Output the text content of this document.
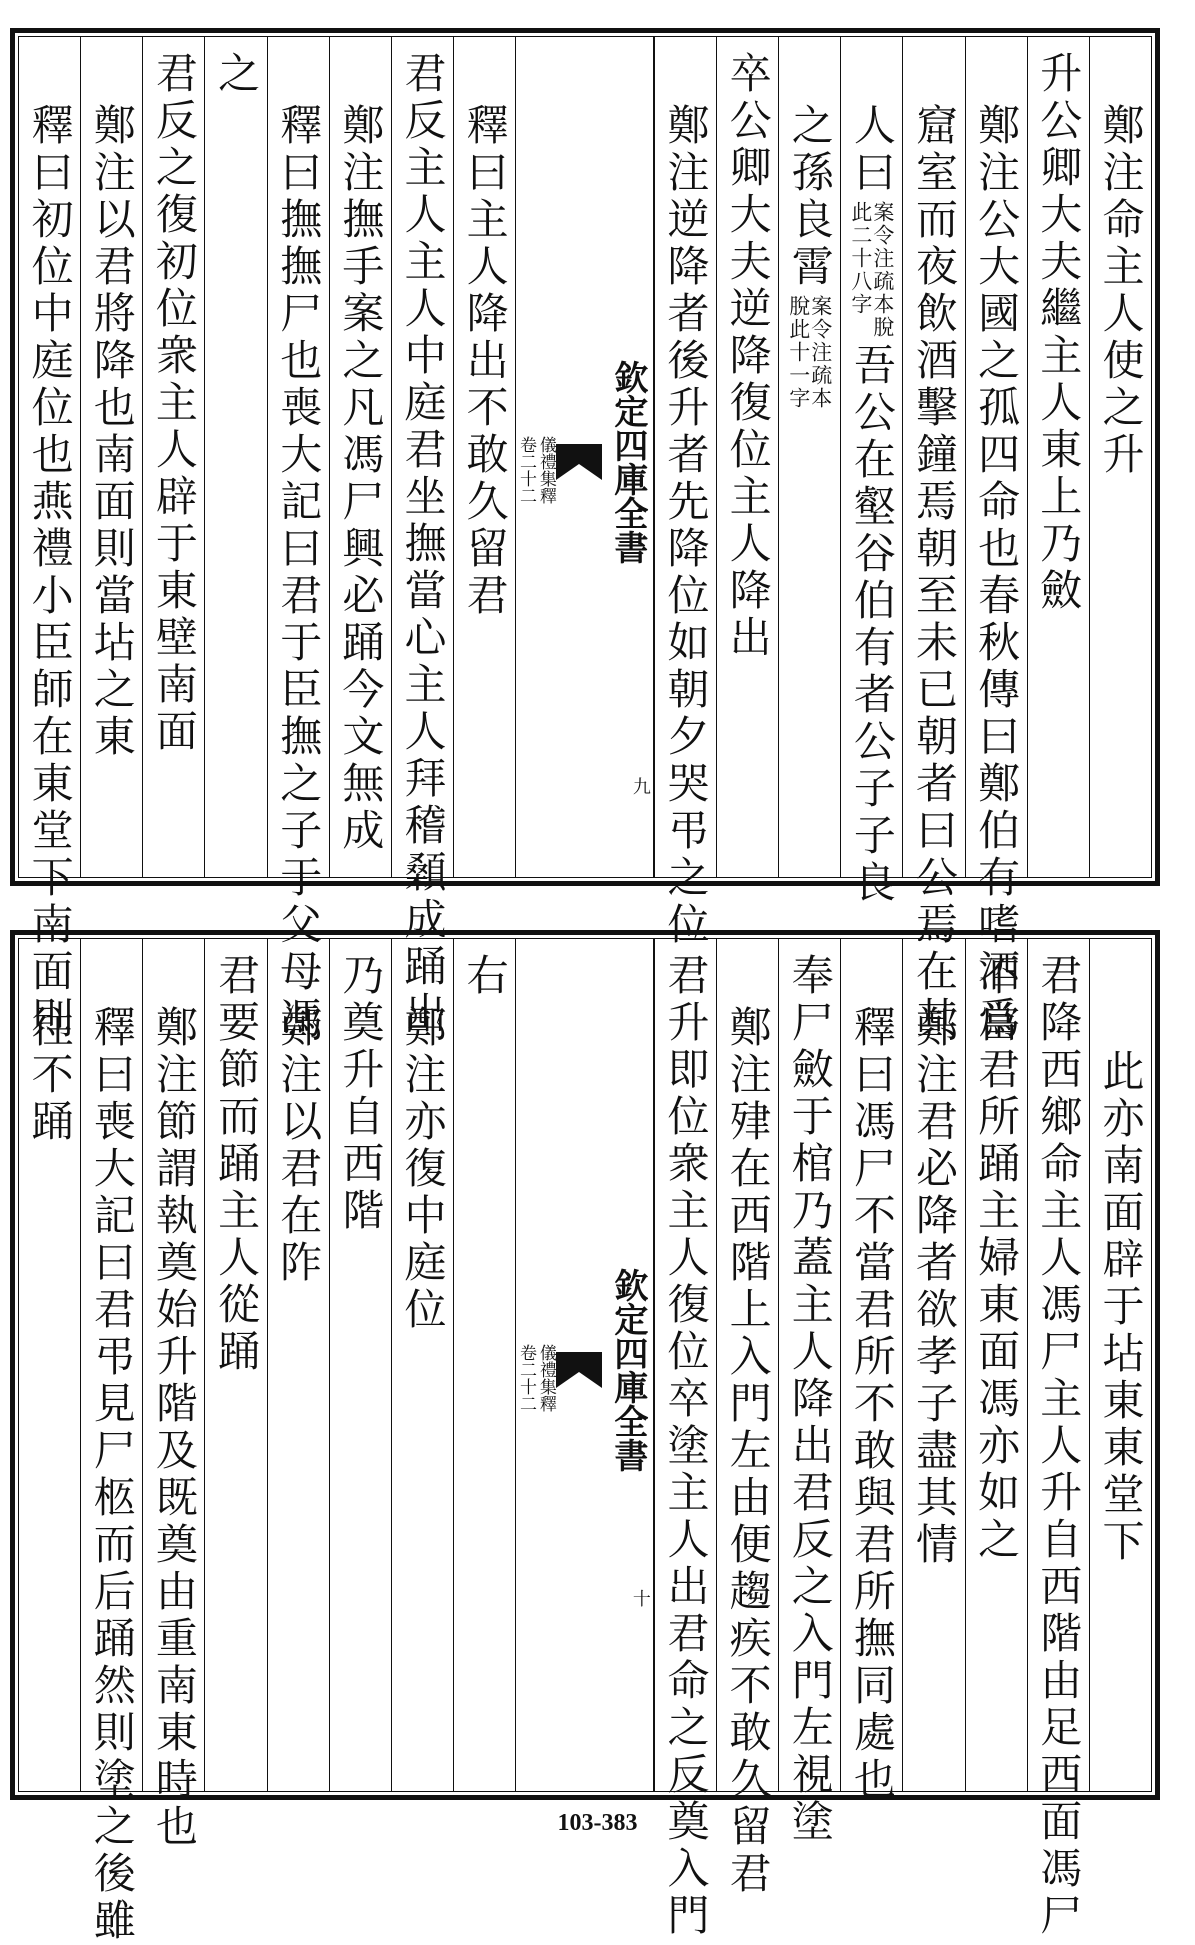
鄭注命主人使之升
升公卿大夫繼主人東上乃斂
鄭注公大國之孤四命也春秋傳曰鄭伯有嗜酒爲
窟室而夜飲酒擊鐘焉朝至未已朝者曰公焉在其
人曰
案令注疏本脫
此二十八字
吾公在壑谷伯有者公子子良
之孫良霄
案令注疏本
脫此十一字
卒公卿大夫逆降復位主人降出
鄭注逆降者後升者先降位如朝夕哭弔之位
欽定四庫全書
儀禮集釋
卷二十二
九
釋曰主人降出不敢久留君
君反主人主人中庭君坐撫當心主人拜稽顙成踊出
鄭注撫手案之凡馮尸興必踊今文無成
釋曰撫撫尸也喪大記曰君于臣撫之子于父母馮
之
君反之復初位衆主人辟于東壁南面
鄭注以君將降也南面則當坫之東
釋曰初位中庭位也燕禮小臣師在東堂下南面則
此亦南面辟于坫東東堂下
君降西鄉命主人馮尸主人升自西階由足西面馮尸
不當君所踊主婦東面馮亦如之
鄭注君必降者欲孝子盡其情
釋曰馮尸不當君所不敢與君所撫同處也
奉尸斂于棺乃蓋主人降出君反之入門左視塗
鄭注肂在西階上入門左由便趨疾不敢久留君
君升即位衆主人復位卒塗主人出君命之反奠入門
欽定四庫全書
儀禮集釋
卷二十二
十
右
鄭注亦復中庭位
乃奠升自西階
鄭注以君在阼
君要節而踊主人從踊
鄭注節謂執奠始升階及既奠由重南東時也
釋曰喪大記曰君弔見尸柩而后踊然則塗之後雖
往不踊
103-383
